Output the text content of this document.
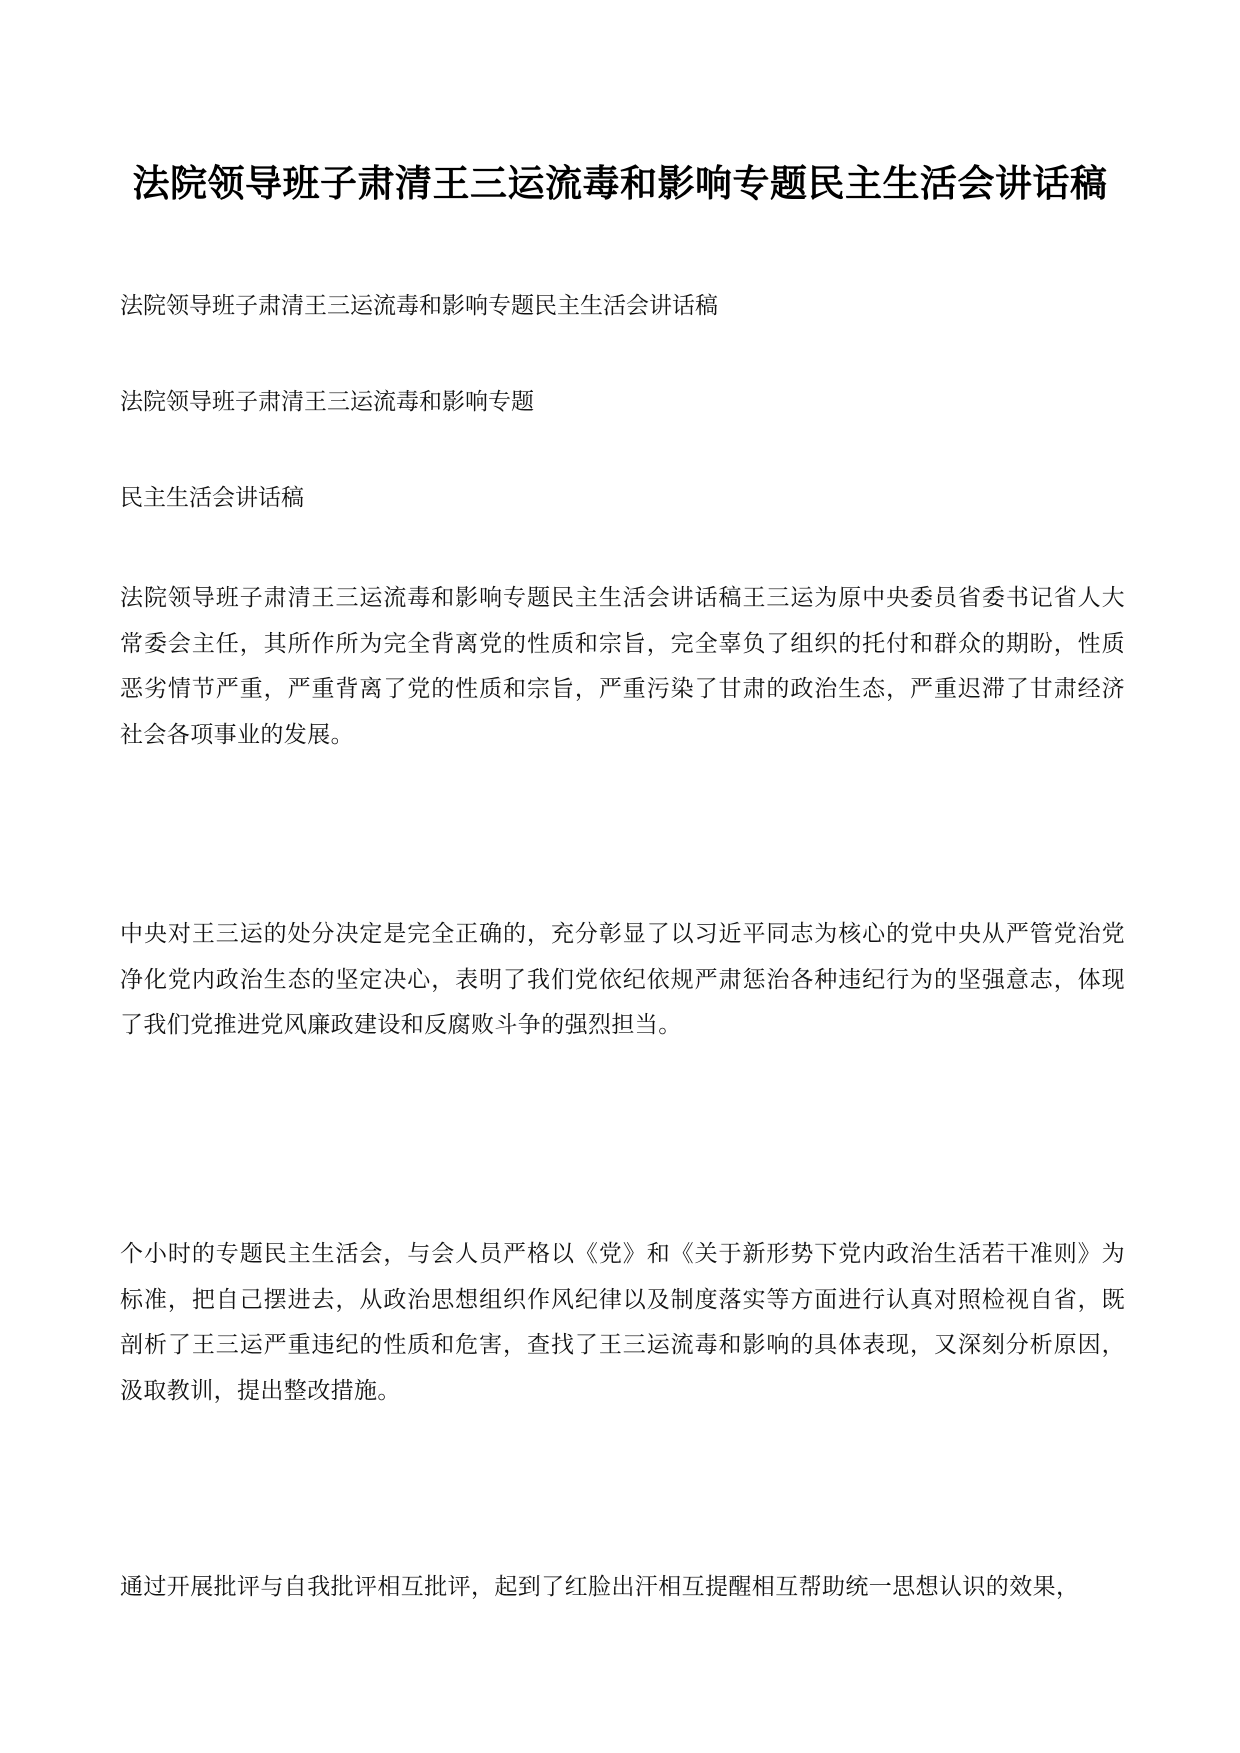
法院领导班子肃清王三运流毒和影响专题民主生活会讲话稿
法院领导班子肃清王三运流毒和影响专题民主生活会讲话稿
法院领导班子肃清王三运流毒和影响专题
民主生活会讲话稿
法院领导班子肃清王三运流毒和影响专题民主生活会讲话稿王三运为原中央委员省委书记省人大常委会主任，其所作所为完全背离党的性质和宗旨，完全辜负了组织的托付和群众的期盼，性质恶劣情节严重，严重背离了党的性质和宗旨，严重污染了甘肃的政治生态，严重迟滞了甘肃经济社会各项事业的发展。
中央对王三运的处分决定是完全正确的，充分彰显了以习近平同志为核心的党中央从严管党治党净化党内政治生态的坚定决心，表明了我们党依纪依规严肃惩治各种违纪行为的坚强意志，体现了我们党推进党风廉政建设和反腐败斗争的强烈担当。
个小时的专题民主生活会，与会人员严格以《党》和《关于新形势下党内政治生活若干准则》为标准，把自己摆进去，从政治思想组织作风纪律以及制度落实等方面进行认真对照检视自省，既剖析了王三运严重违纪的性质和危害，查找了王三运流毒和影响的具体表现，又深刻分析原因，汲取教训，提出整改措施。
通过开展批评与自我批评相互批评，起到了红脸出汗相互提醒相互帮助统一思想认识的效果，
